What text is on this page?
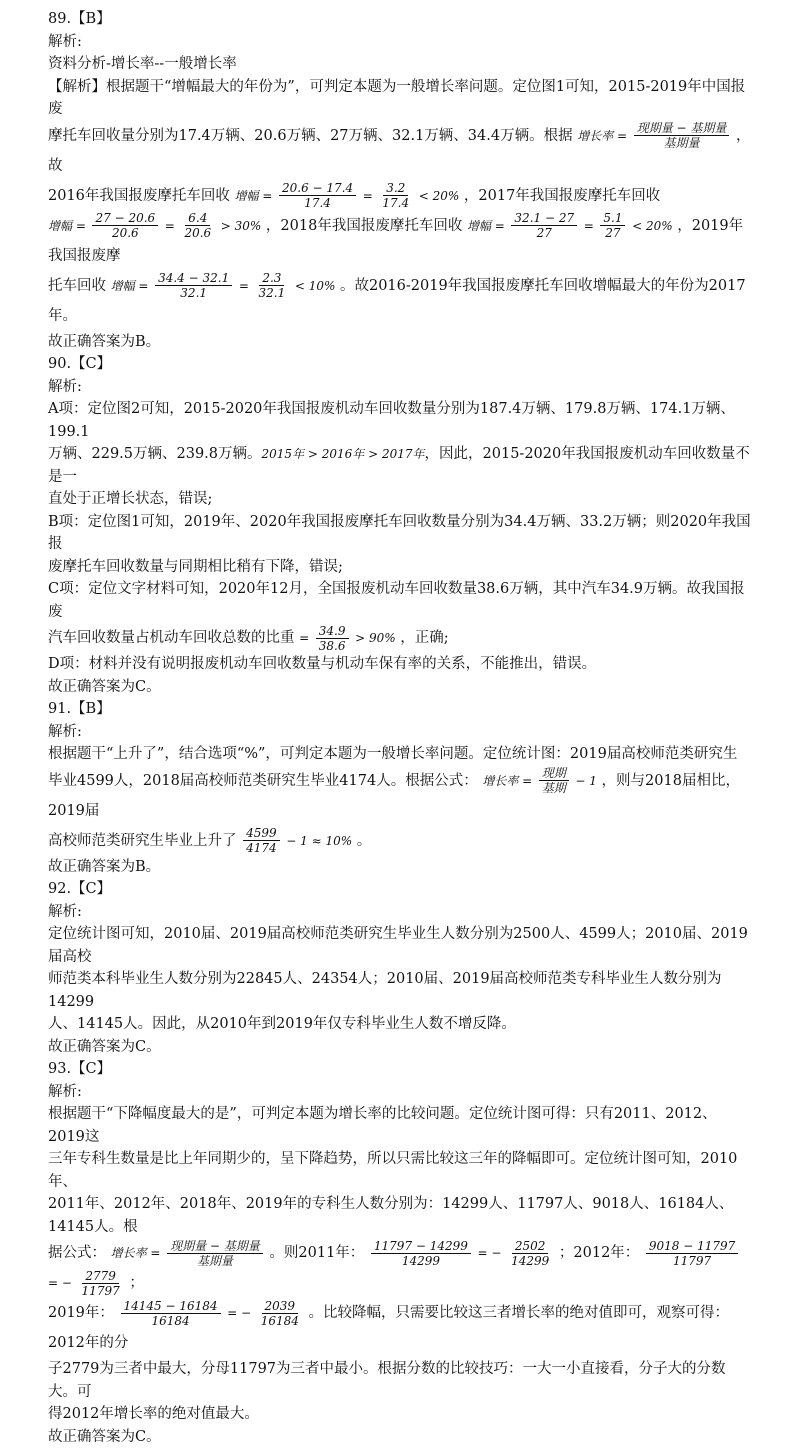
89.【B】
解析:
资料分析-增长率--一般增长率
【解析】根据题干“增幅最大的年份为”，可判定本题为一般增长率问题。定位图1可知，2015-2019年中国报废
摩托车回收量分别为17.4万辆、20.6万辆、27万辆、32.1万辆、34.4万辆。根据 增长率 = $\frac{\text{现期量 − 基期量}}{\text{基期量}}$ ，故
2016年我国报废摩托车回收 增幅 = $\frac{20.6 - 17.4}{17.4} = \frac{3.2}{17.4} < 20\%$ ，2017年我国报废摩托车回收
增幅 = $\frac{27 - 20.6}{20.6} = \frac{6.4}{20.6} > 30\%$ ，2018年我国报废摩托车回收 增幅 = $\frac{32.1 - 27}{27} = \frac{5.1}{27} < 20\%$ ，2019年我国报废摩
托车回收 增幅 = $\frac{34.4 - 32.1}{32.1} = \frac{2.3}{32.1} < 10\%$ 。故2016-2019年我国报废摩托车回收增幅最大的年份为2017年。
故正确答案为B。
90.【C】
解析:
A项：定位图2可知，2015-2020年我国报废机动车回收数量分别为187.4万辆、179.8万辆、174.1万辆、199.1
万辆、229.5万辆、239.8万辆。2015年 > 2016年 > 2017年，因此，2015-2020年我国报废机动车回收数量不是一
直处于正增长状态，错误;
B项：定位图1可知，2019年、2020年我国报废摩托车回收数量分别为34.4万辆、33.2万辆；则2020年我国报
废摩托车回收数量与同期相比稍有下降，错误;
C项：定位文字材料可知，2020年12月，全国报废机动车回收数量38.6万辆，其中汽车34.9万辆。故我国报废
汽车回收数量占机动车回收总数的比重 = $\frac{34.9}{38.6} > 90\%$ ，正确;
D项：材料并没有说明报废机动车回收数量与机动车保有率的关系，不能推出，错误。
故正确答案为C。
91.【B】
解析:
根据题干“上升了”，结合选项“%”，可判定本题为一般增长率问题。定位统计图：2019届高校师范类研究生
毕业4599人，2018届高校师范类研究生毕业4174人。根据公式： 增长率 = $\frac{\text{现期}}{\text{基期}} - 1$ ，则与2018届相比，2019届
高校师范类研究生毕业上升了 $\frac{4599}{4174} - 1 \approx 10\%$ 。
故正确答案为B。
92.【C】
解析:
定位统计图可知，2010届、2019届高校师范类研究生毕业生人数分别为2500人、4599人；2010届、2019届高校
师范类本科毕业生人数分别为22845人、24354人；2010届、2019届高校师范类专科毕业生人数分别为14299
人、14145人。因此，从2010年到2019年仅专科毕业生人数不增反降。
故正确答案为C。
93.【C】
解析:
根据题干“下降幅度最大的是”，可判定本题为增长率的比较问题。定位统计图可得：只有2011、2012、2019这
三年专科生数量是比上年同期少的，呈下降趋势，所以只需比较这三年的降幅即可。定位统计图可知，2010年、
2011年、2012年、2018年、2019年的专科生人数分别为：14299人、11797人、9018人、16184人、14145人。根
据公式： 增长率 = $\frac{\text{现期量 − 基期量}}{\text{基期量}}$ 。则2011年： $\frac{11797 - 14299}{14299}$ = − $\frac{2502}{14299}$ ；2012年： $\frac{9018 - 11797}{11797}$
= − $\frac{2779}{11797}$ ；
2019年： $\frac{14145 - 16184}{16184}$ = − $\frac{2039}{16184}$ 。比较降幅，只需要比较这三者增长率的绝对值即可，观察可得：2012年的分
子2779为三者中最大，分母11797为三者中最小。根据分数的比较技巧：一大一小直接看，分子大的分数大。可
得2012年增长率的绝对值最大。
故正确答案为C。
